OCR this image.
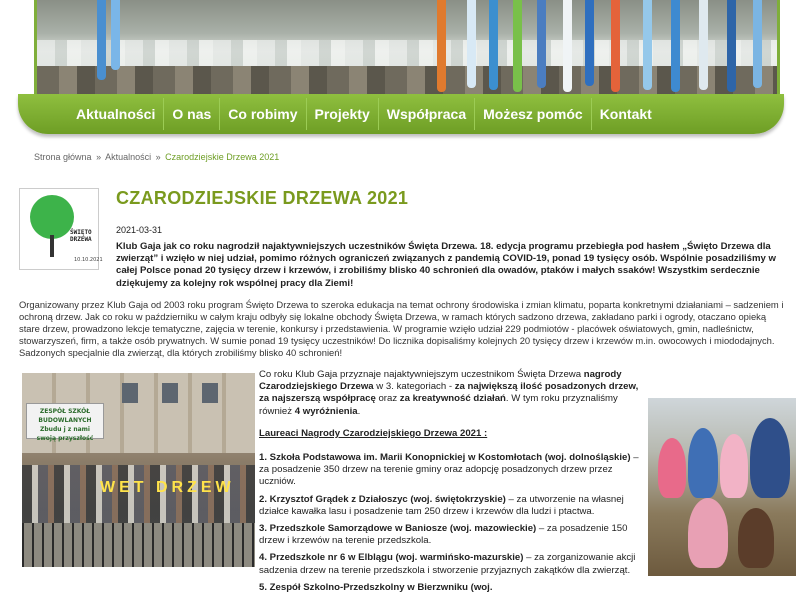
Aktualności	O nas	Co robimy	Projekty	Współpraca	Możesz pomóc	Kontakt
Strona główna » Aktualności » Czarodziejskie Drzewa 2021
ŚWIĘTO
DRZEWA
10.10.2021
CZARODZIEJSKIE DRZEWA 2021
2021-03-31
Klub Gaja jak co roku nagrodził najaktywniejszych uczestników Święta Drzewa. 18. edycja programu przebiegła pod hasłem „Święto Drzewa dla zwierząt” i wzięło w niej udział, pomimo różnych ograniczeń związanych z pandemią COVID-19, ponad 19 tysięcy osób. Wspólnie posadziliśmy w całej Polsce ponad 20 tysięcy drzew i krzewów, i zrobiliśmy blisko 40 schronień dla owadów, ptaków i małych ssaków! Wszystkim serdecznie dziękujemy za kolejny rok wspólnej pracy dla Ziemi!
Organizowany przez Klub Gaja od 2003 roku program Święto Drzewa to szeroka edukacja na temat ochrony środowiska i zmian klimatu, poparta konkretnymi działaniami – sadzeniem i ochroną drzew. Jak co roku w październiku w całym kraju odbyły się lokalne obchody Święta Drzewa, w ramach których sadzono drzewa, zakładano parki i ogrody, otaczano opieką stare drzew, prowadzono lekcje tematyczne, zajęcia w terenie, konkursy i przedstawienia. W programie wzięło udział 229 podmiotów - placówek oświatowych, gmin, nadleśnictw, stowarzyszeń, firm, a także osób prywatnych. W sumie ponad 19 tysięcy uczestników! Do licznika dopisaliśmy kolejnych 20 tysięcy drzew i krzewów m.in. owocowych i miododajnych. Sadzonych specjalnie dla zwierząt, dla których zrobiliśmy blisko 40 schronień!
ZESPÓŁ SZKÓŁ
BUDOWLANYCH
Zbudu j z nami
swoją przyszłość
WET DRZEW

Co roku Klub Gaja przyznaje najaktywniejszym uczestnikom Święta Drzewa nagrody Czarodziejskiego Drzewa w 3. kategoriach - za największą ilość posadzonych drzew, za najszerszą współpracę oraz za kreatywność działań. W tym roku przyznaliśmy również 4 wyróżnienia.

Laureaci Nagrody Czarodziejskiego Drzewa 2021 :
1. Szkoła Podstawowa im. Marii Konopnickiej w Kostomłotach (woj. dolnośląskie) – za posadzenie 350 drzew na terenie gminy oraz adopcję posadzonych drzew przez uczniów.
2. Krzysztof Grądek z Działoszyc (woj. świętokrzyskie) – za utworzenie na własnej działce kawałka lasu i posadzenie tam 250 drzew i krzewów dla ludzi i ptactwa.
3. Przedszkole Samorządowe w Baniosze (woj. mazowieckie) – za posadzenie 150 drzew i krzewów na terenie przedszkola.
4. Przedszkole nr 6 w Elblągu (woj. warmińsko-mazurskie) – za zorganizowanie akcji sadzenia drzew na terenie przedszkola i stworzenie przyjaznych zakątków dla zwierząt.
5. Zespół Szkolno-Przedszkolny w Bierzwniku (woj.
